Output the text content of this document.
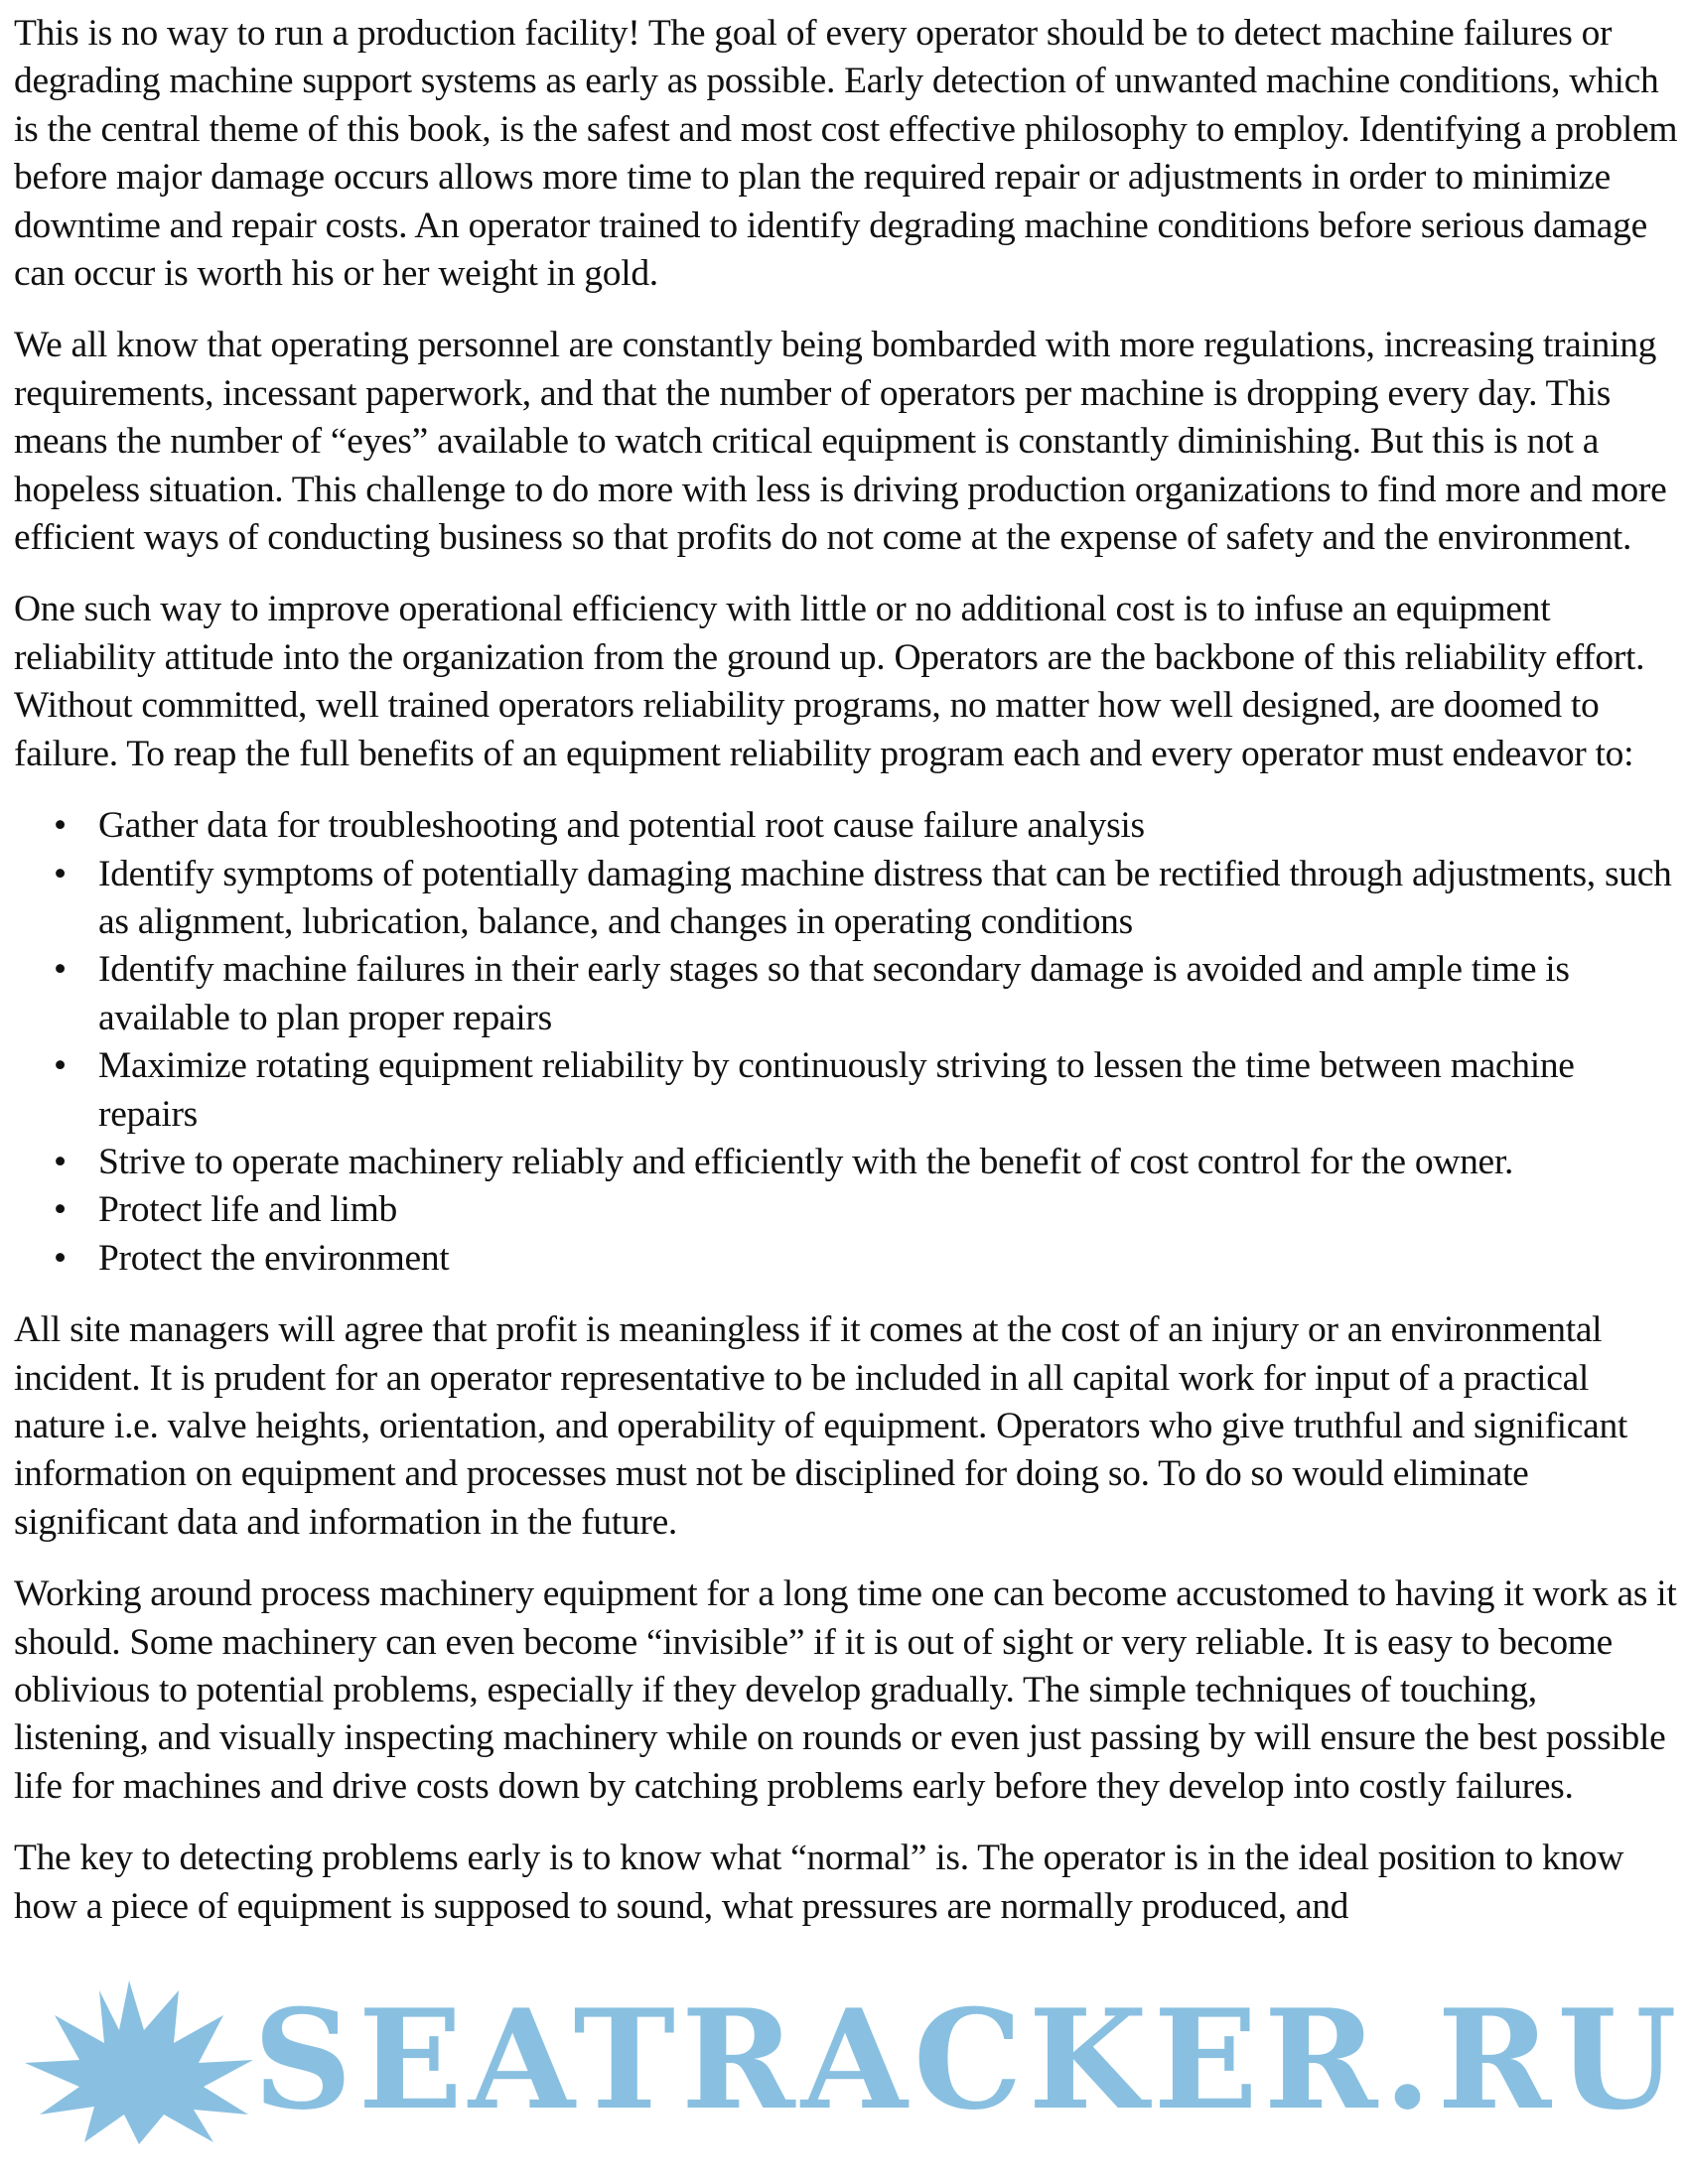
This is no way to run a production facility! The goal of every operator should be to detect machine failures or degrading machine support systems as early as possible. Early detection of unwanted machine conditions, which is the central theme of this book, is the safest and most cost effective philosophy to employ. Identifying a problem before major damage occurs allows more time to plan the required repair or adjustments in order to minimize downtime and repair costs. An operator trained to identify degrading machine conditions before serious damage can occur is worth his or her weight in gold.

We all know that operating personnel are constantly being bombarded with more regulations, increasing training requirements, incessant paperwork, and that the number of operators per machine is dropping every day. This means the number of “eyes” available to watch critical equipment is constantly diminishing. But this is not a hopeless situation. This challenge to do more with less is driving production organizations to find more and more efficient ways of conducting business so that profits do not come at the expense of safety and the environment.

One such way to improve operational efficiency with little or no additional cost is to infuse an equipment reliability attitude into the organization from the ground up. Operators are the backbone of this reliability effort. Without committed, well trained operators reliability programs, no matter how well designed, are doomed to failure. To reap the full benefits of an equipment reliability program each and every operator must endeavor to:

• Gather data for troubleshooting and potential root cause failure analysis
• Identify symptoms of potentially damaging machine distress that can be rectified through adjustments, such as alignment, lubrication, balance, and changes in operating conditions
• Identify machine failures in their early stages so that secondary damage is avoided and ample time is available to plan proper repairs
• Maximize rotating equipment reliability by continuously striving to lessen the time between machine repairs
• Strive to operate machinery reliably and efficiently with the benefit of cost control for the owner.
• Protect life and limb
• Protect the environment

All site managers will agree that profit is meaningless if it comes at the cost of an injury or an environmental incident. It is prudent for an operator representative to be included in all capital work for input of a practical nature i.e. valve heights, orientation, and operability of equipment. Operators who give truthful and significant information on equipment and processes must not be disciplined for doing so. To do so would eliminate significant data and information in the future.

Working around process machinery equipment for a long time one can become accustomed to having it work as it should. Some machinery can even become “invisible” if it is out of sight or very reliable. It is easy to become oblivious to potential problems, especially if they develop gradually. The simple techniques of touching, listening, and visually inspecting machinery while on rounds or even just passing by will ensure the best possible life for machines and drive costs down by catching problems early before they develop into costly failures.

The key to detecting problems early is to know what “normal” is. The operator is in the ideal position to know how a piece of equipment is supposed to sound, what pressures are normally produced, and

SEATRACKER.RU
